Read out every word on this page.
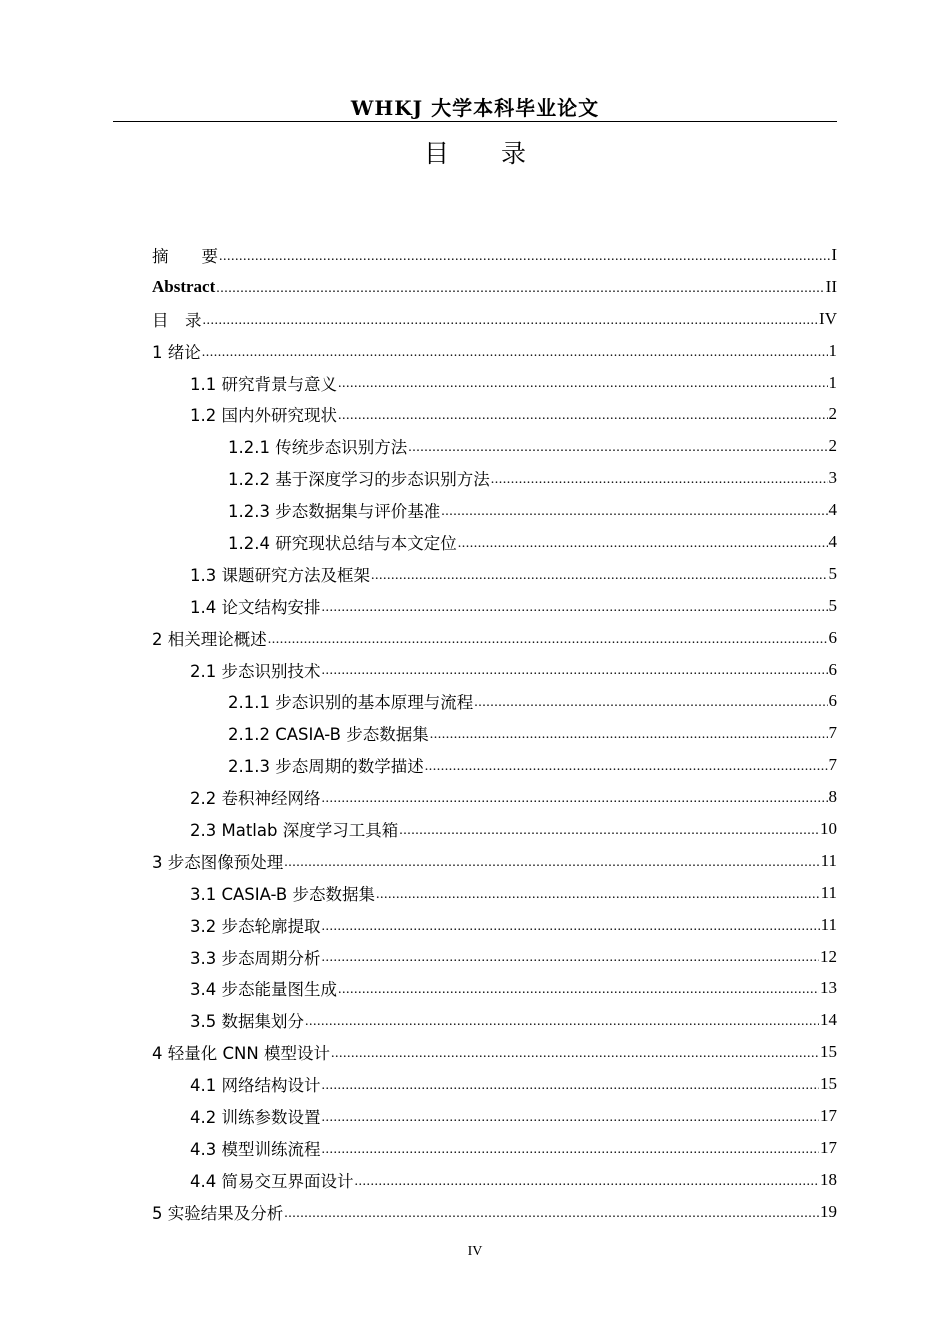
WHKJ 大学本科毕业论文
目 录
摘　　要 .....	I
Abstract .....	II
目　录 .....	IV
1 绪论 .....	1
1.1 研究背景与意义 .....	1
1.2 国内外研究现状 .....	2
1.2.1 传统步态识别方法 .....	2
1.2.2 基于深度学习的步态识别方法 .....	3
1.2.3 步态数据集与评价基准 .....	4
1.2.4 研究现状总结与本文定位 .....	4
1.3 课题研究方法及框架 .....	5
1.4 论文结构安排 .....	5
2 相关理论概述 .....	6
2.1 步态识别技术 .....	6
2.1.1 步态识别的基本原理与流程 .....	6
2.1.2 CASIA-B 步态数据集 .....	7
2.1.3 步态周期的数学描述 .....	7
2.2 卷积神经网络 .....	8
2.3 Matlab 深度学习工具箱 .....	10
3 步态图像预处理 .....	11
3.1 CASIA-B 步态数据集 .....	11
3.2 步态轮廓提取 .....	11
3.3 步态周期分析 .....	12
3.4 步态能量图生成 .....	13
3.5 数据集划分 .....	14
4 轻量化 CNN 模型设计 .....	15
4.1 网络结构设计 .....	15
4.2 训练参数设置 .....	17
4.3 模型训练流程 .....	17
4.4 简易交互界面设计 .....	18
5 实验结果及分析 .....	19
IV
